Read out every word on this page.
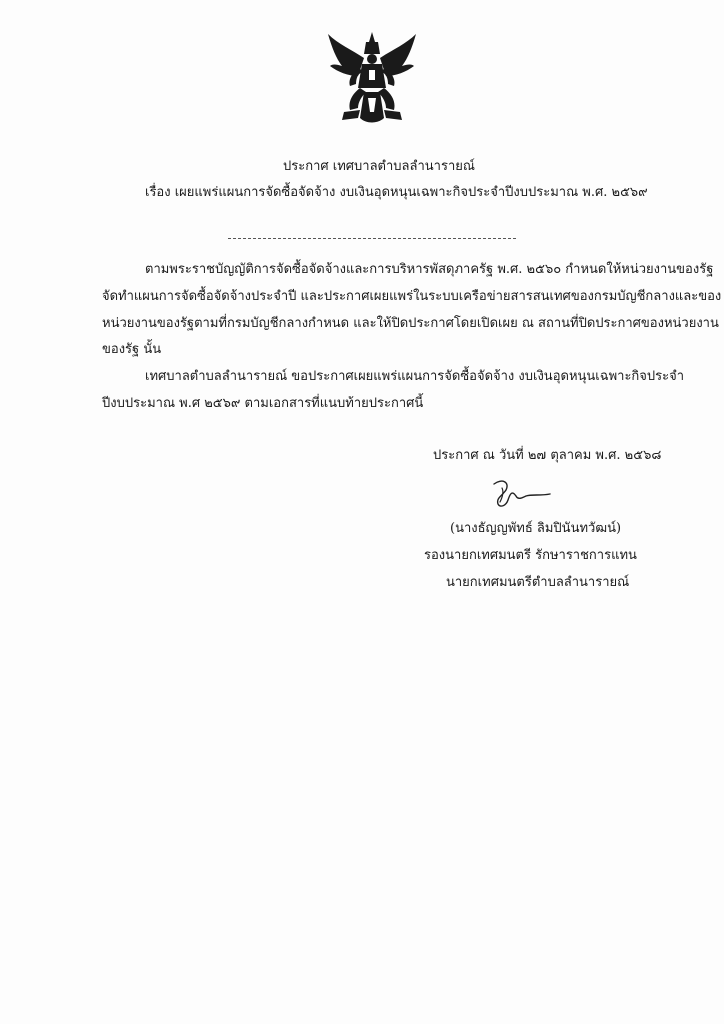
ประกาศ เทศบาลตำบลลำนารายณ์
เรื่อง เผยแพร่แผนการจัดซื้อจัดจ้าง งบเงินอุดหนุนเฉพาะกิจประจำปีงบประมาณ พ.ศ. ๒๕๖๙
ตามพระราชบัญญัติการจัดซื้อจัดจ้างและการบริหารพัสดุภาครัฐ พ.ศ. ๒๕๖๐ กำหนดให้หน่วยงานของรัฐ
จัดทำแผนการจัดซื้อจัดจ้างประจำปี และประกาศเผยแพร่ในระบบเครือข่ายสารสนเทศของกรมบัญชีกลางและของ
หน่วยงานของรัฐตามที่กรมบัญชีกลางกำหนด และให้ปิดประกาศโดยเปิดเผย ณ สถานที่ปิดประกาศของหน่วยงาน
ของรัฐ นั้น
เทศบาลตำบลลำนารายณ์ ขอประกาศเผยแพร่แผนการจัดซื้อจัดจ้าง งบเงินอุดหนุนเฉพาะกิจประจำ
ปีงบประมาณ พ.ศ ๒๕๖๙ ตามเอกสารที่แนบท้ายประกาศนี้
ประกาศ ณ วันที่ ๒๗ ตุลาคม พ.ศ. ๒๕๖๘
(นางธัญญพัทธ์ ลิมปินันทวัฒน์)
รองนายกเทศมนตรี รักษาราชการแทน
นายกเทศมนตรีตำบลลำนารายณ์
